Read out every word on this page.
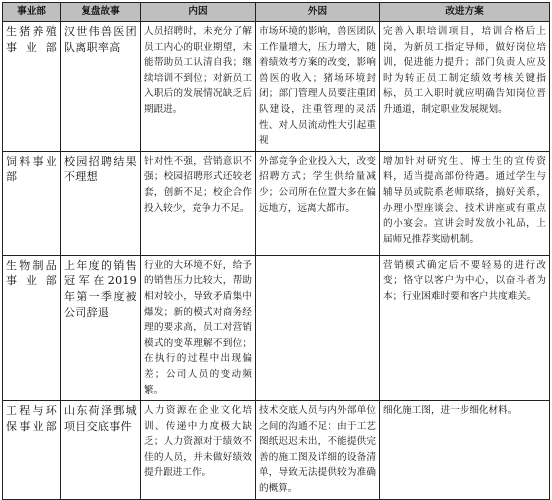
事业部	复盘故事	内因	外因	改进方案
生猪养殖事业部	汉世伟兽医团队离职率高	人员招聘时，未充分了解员工内心的职业期望，未能帮助员工认清自我；继续培训不到位；对新员工入职后的发展情况缺乏后期跟进。	市场环境的影响，兽医团队工作量增大，压力增大，随着绩效考方案的改变，影响兽医的收入；猪场环境封闭；部门管理人员要注重团队建设，注重管理的灵活性、对人员流动性大引起重视	完善入职培训项目，培训合格后上岗，为新员工指定导师，做好岗位培训，促进能力提升；部门负责人应及时为转正员工制定绩效考核关键指标，员工入职时就应明确告知岗位晋升通道，制定职业发展规划。
饲料事业部	校园招聘结果不理想	针对性不强，营销意识不强；校园招聘形式还较老套，创新不足；校企合作投入较少，竞争力不足。	外部竞争企业投入大，改变招聘方式；学生供给量减少；公司所在位置大多在偏远地方，远离大都市。	增加针对研究生、博士生的宣传资料，适当提高部份待遇。通过学生与辅导员或院系老师联络，搞好关系，办理小型座谈会、技术讲座或有重点的小宴会。宣讲会时发放小礼品，上届师兄推荐奖励机制。
生物制品事业部	上年度的销售冠军在2019年第一季度被公司辞退	行业的大环境不好，给予的销售压力比较大，帮助相对较小，导致矛盾集中爆发；新的模式对商务经理的要求高，员工对营销模式的变革理解不到位；在执行的过程中出现偏差；公司人员的变动频繁。		营销模式确定后不要轻易的进行改变；恪守以客户为中心，以奋斗者为本；行业困难时要和客户共度难关。
工程与环保事业部	山东荷泽鄄城项目交底事件	人力资源在企业文化培训、传递中力度极大缺乏；人力资源对于绩效不佳的人员，并未做好绩效提升跟进工作。	技术交底人员与内外部单位之间的沟通不足：由于工艺图纸迟迟未出，不能提供完善的施工图及详细的设备清单，导致无法提供较为准确的概算。	细化施工图，进一步细化材料。
